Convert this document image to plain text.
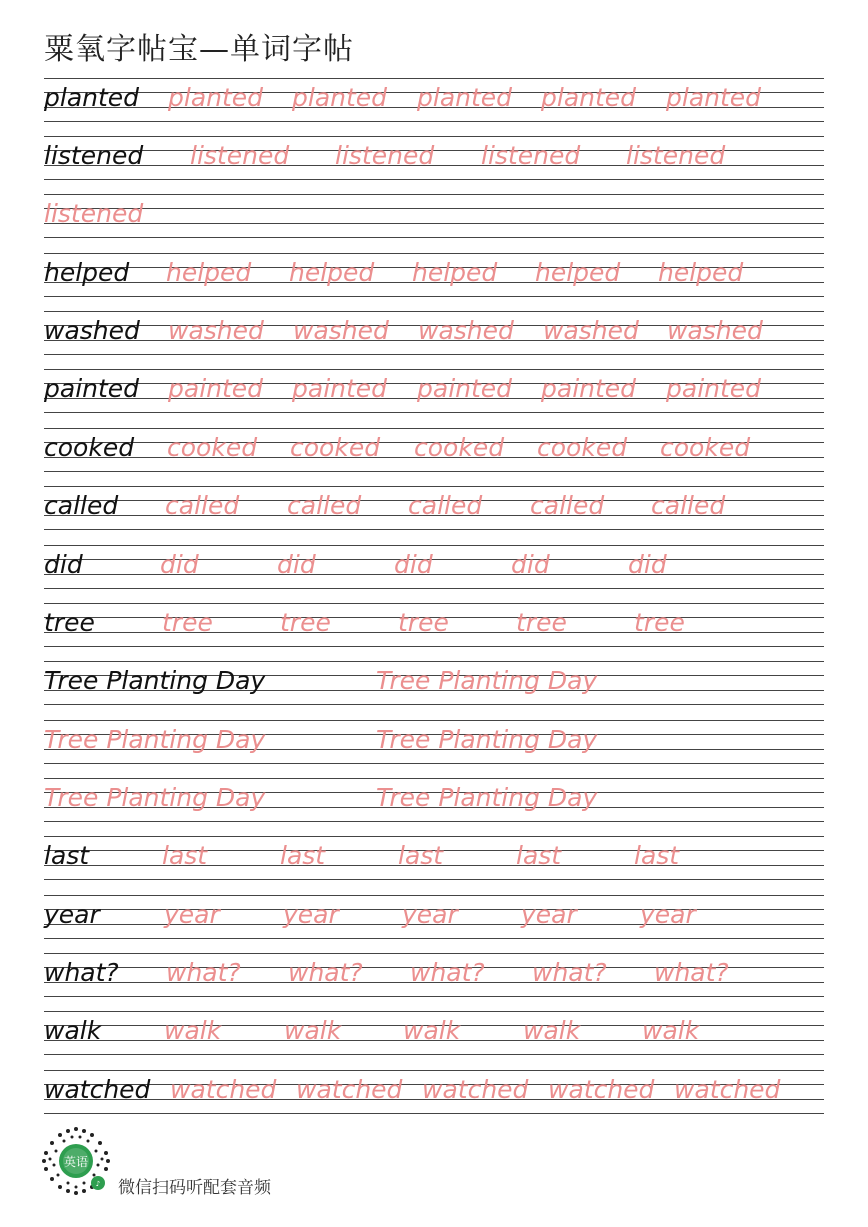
粟氧字帖宝—单词字帖
planted planted planted planted planted planted
listened listened listened listened listened
listened
helped helped helped helped helped helped
washed washed washed washed washed washed
painted painted painted painted painted painted
cooked cooked cooked cooked cooked cooked
called called called called called called
did	did	did	did	did	did
tree	tree	tree	tree	tree	tree
Tree Planting Day	Tree Planting Day
Tree Planting Day	Tree Planting Day
Tree Planting Day	Tree Planting Day
last	last	last	last	last	last
year	year	year	year	year	year
what? what? what? what? what? what?
walk	walk	walk walk	walk walk
watched watched watched watched watched watched
英语
♪ 微信扫码听配套音频
